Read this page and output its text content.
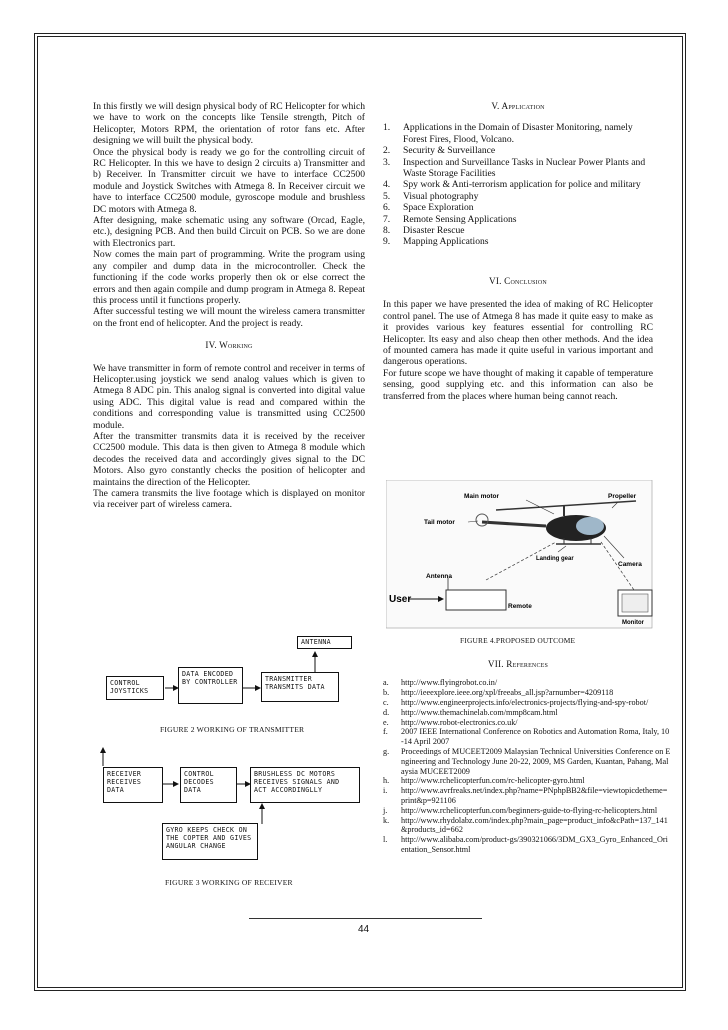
In this firstly we will design physical body of RC Helicopter for which we have to work on the concepts like Tensile strength, Pitch of Helicopter, Motors RPM, the orientation of rotor fans etc. After designing we will built the physical body.

Once the physical body is ready we go for the controlling circuit of RC Helicopter. In this we have to design 2 circuits a) Transmitter and b) Receiver. In Transmitter circuit we have to interface CC2500 module and Joystick Switches with Atmega 8. In Receiver circuit we have to interface CC2500 module, gyroscope module and brushless DC motors with Atmega 8.

After designing, make schematic using any software (Orcad, Eagle, etc.), designing PCB. And then build Circuit on PCB. So we are done with Electronics part.

Now comes the main part of programming. Write the program using any compiler and dump data in the microcontroller. Check the functioning if the code works properly then ok or else correct the errors and then again compile and dump program in Atmega 8. Repeat this process until it functions properly.

After successful testing we will mount the wireless camera transmitter on the front end of helicopter. And the project is ready.

IV. Working

We have transmitter in form of remote control and receiver in terms of Helicopter.using joystick we send analog values which is given to Atmega 8 ADC pin. This analog signal is converted into digital value using ADC. This digital value is read and compared within the conditions and corresponding value is transmitted using CC2500 module.

After the transmitter transmits data it is received by the receiver CC2500 module. This data is then given to Atmega 8 module which decodes the received data and accordingly gives signal to the DC Motors. Also gyro constantly checks the position of helicopter and maintains the direction of the Helicopter.

The camera transmits the live footage which is displayed on monitor via receiver part of wireless camera.

ANTENNA
CONTROL JOYSTICKS
DATA ENCODED BY CONTROLLER	TRANSMITTER TRANSMITS DATA
FIGURE 2 WORKING OF TRANSMITTER
RECEIVER RECEIVES DATA
CONTROL DECODES DATA
BRUSHLESS DC MOTORS RECEIVES SIGNALS AND ACT ACCORDINGLLY
GYRO KEEPS CHECK ON THE COPTER AND GIVES ANGULAR CHANGE
FIGURE 3 WORKING OF RECEIVER

V. Application

1. Applications in the Domain of Disaster Monitoring, namely Forest Fires, Flood, Volcano.
2. Security & Surveillance
3. Inspection and Surveillance Tasks in Nuclear Power Plants and Waste Storage Facilities
4. Spy work & Anti-terrorism application for police and military
5. Visual photography
6. Space Exploration
7. Remote Sensing Applications
8. Disaster Rescue
9. Mapping Applications

VI. Conclusion

In this paper we have presented the idea of making of RC Helicopter control panel. The use of Atmega 8 has made it quite easy to make as it provides various key features essential for controlling RC Helicopter. Its easy and also cheap then other methods. And the idea of mounted camera has made it quite useful in various important and dangerous operations.

For future scope we have thought of making it capable of temperature sensing, good supplying etc. and this information can also be transferred from the places where human being cannot reach.

Main motor	Propeller
Tail motor
Landing gear
Camera
Antenna
User
Remote
Monitor
FIGURE 4.PROPOSED OUTCOME

VII. References

a. http://www.flyingrobot.co.in/
b. http://ieeexplore.ieee.org/xpl/freeabs_all.jsp?arnumber=4209118
c. http://www.engineerprojects.info/electronics-projects/flying-and-spy-robot/
d. http://www.themachinelab.com/mmp8cam.html
e. http://www.robot-electronics.co.uk/
f. 2007 IEEE International Conference on Robotics and Automation Roma, Italy, 10-14 April 2007
g. Proceedings of MUCEET2009 Malaysian Technical Universities Conference on Engineering and Technology June 20-22, 2009, MS Garden, Kuantan, Pahang, Malaysia MUCEET2009
h. http://www.rchelicopterfun.com/rc-helicopter-gyro.html
i. http://www.avrfreaks.net/index.php?name=PNphpBB2&file=viewtopicdetheme=print&p=921106
j. http://www.rchelicopterfun.com/beginners-guide-to-flying-rc-helicopters.html
k. http://www.rhydolabz.com/index.php?main_page=product_info&cPath=137_141&products_id=662
l. http://www.alibaba.com/product-gs/390321066/3DM_GX3_Gyro_Enhanced_Orientation_Sensor.html
44
